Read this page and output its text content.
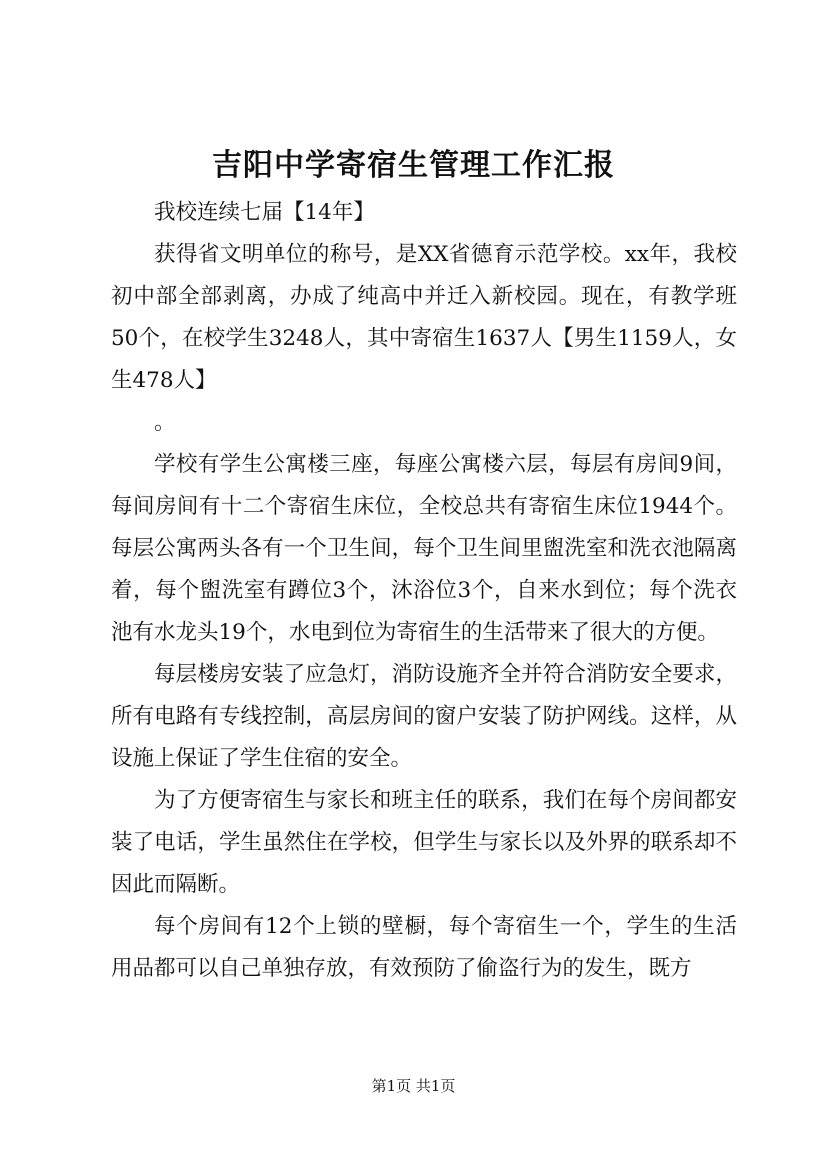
吉阳中学寄宿生管理工作汇报

我校连续七届【14年】

获得省文明单位的称号，是XX省德育示范学校。xx年，我校初中部全部剥离，办成了纯高中并迁入新校园。现在，有教学班50个，在校学生3248人，其中寄宿生1637人【男生1159人，女生478人】

。

学校有学生公寓楼三座，每座公寓楼六层，每层有房间9间，每间房间有十二个寄宿生床位，全校总共有寄宿生床位1944个。每层公寓两头各有一个卫生间，每个卫生间里盥洗室和洗衣池隔离着，每个盥洗室有蹲位3个，沐浴位3个，自来水到位；每个洗衣池有水龙头19个，水电到位为寄宿生的生活带来了很大的方便。

每层楼房安装了应急灯，消防设施齐全并符合消防安全要求，所有电路有专线控制，高层房间的窗户安装了防护网线。这样，从设施上保证了学生住宿的安全。

为了方便寄宿生与家长和班主任的联系，我们在每个房间都安装了电话，学生虽然住在学校，但学生与家长以及外界的联系却不因此而隔断。

每个房间有12个上锁的壁橱，每个寄宿生一个，学生的生活用品都可以自己单独存放，有效预防了偷盗行为的发生，既方

第1页 共1页
